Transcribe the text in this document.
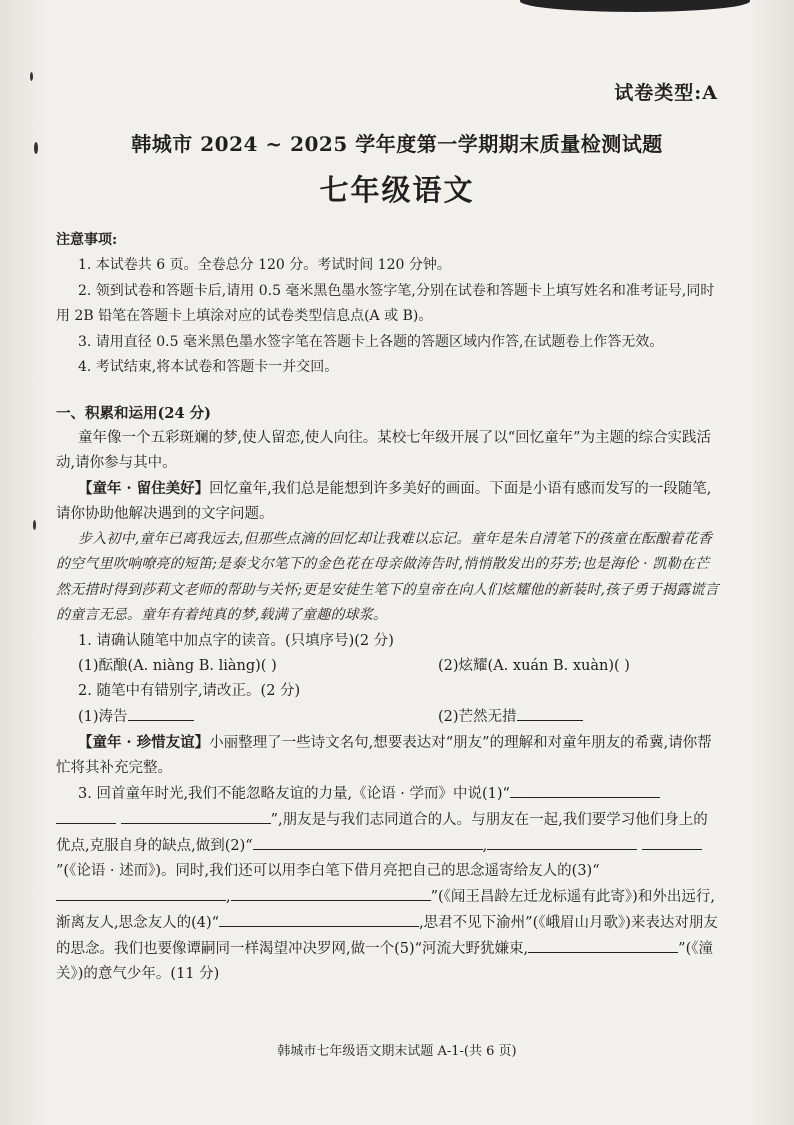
试卷类型:A
韩城市 2024 ~ 2025 学年度第一学期期末质量检测试题
七年级语文

注意事项:

1. 本试卷共 6 页。全卷总分 120 分。考试时间 120 分钟。

2. 领到试卷和答题卡后,请用 0.5 毫米黑色墨水签字笔,分别在试卷和答题卡上填写姓名和准考证号,同时用 2B 铅笔在答题卡上填涂对应的试卷类型信息点(A 或 B)。

3. 请用直径 0.5 毫米黑色墨水签字笔在答题卡上各题的答题区域内作答,在试题卷上作答无效。

4. 考试结束,将本试卷和答题卡一并交回。

一、积累和运用(24 分)

童年像一个五彩斑斓的梦,使人留恋,使人向往。某校七年级开展了以“回忆童年”为主题的综合实践活动,请你参与其中。

【童年 · 留住美好】回忆童年,我们总是能想到许多美好的画面。下面是小语有感而发写的一段随笔,请你协助他解决遇到的文字问题。

步入初中,童年已离我远去,但那些点滴的回忆却让我难以忘记。童年是朱自清笔下的孩童在酝酿着花香的空气里吹响嘹亮的短笛;是泰戈尔笔下的金色花在母亲做涛告时,悄悄散发出的芬芳;也是海伦 · 凯勒在芒然无措时得到莎莉文老师的帮助与关怀;更是安徒生笔下的皇帝在向人们炫耀他的新装时,孩子勇于揭露谎言的童言无忌。童年有着纯真的梦,载满了童趣的球浆。

1. 请确认随笔中加点字的读音。(只填序号)(2 分)

(1)酝酿(A. niàng B. liàng)( )	(2)炫耀(A. xuán B. xuàn)( )

2. 随笔中有错别字,请改正。(2 分)

(1)涛告	(2)芒然无措

【童年 · 珍惜友谊】小丽整理了一些诗文名句,想要表达对“朋友”的理解和对童年朋友的希冀,请你帮忙将其补充完整。

3. 回首童年时光,我们不能忽略友谊的力量,《论语 · 学而》中说(1)“  ”,朋友是与我们志同道合的人。与朋友在一起,我们要学习他们身上的优点,克服自身的缺点,做到(2)“	, ”(《论语 · 述而》)。同时,我们还可以用李白笔下借月亮把自己的思念遥寄给友人的(3)“,	”(《闻王昌龄左迁龙标遥有此寄》)和外出远行,渐离友人,思念友人的(4)“	,思君不见下渝州”(《峨眉山月歌》)来表达对朋友的思念。我们也要像谭嗣同一样渴望冲决罗网,做一个(5)“河流大野犹嫌束,	”(《潼关》)的意气少年。(11 分)

韩城市七年级语文期末试题 A-1-(共 6 页)
